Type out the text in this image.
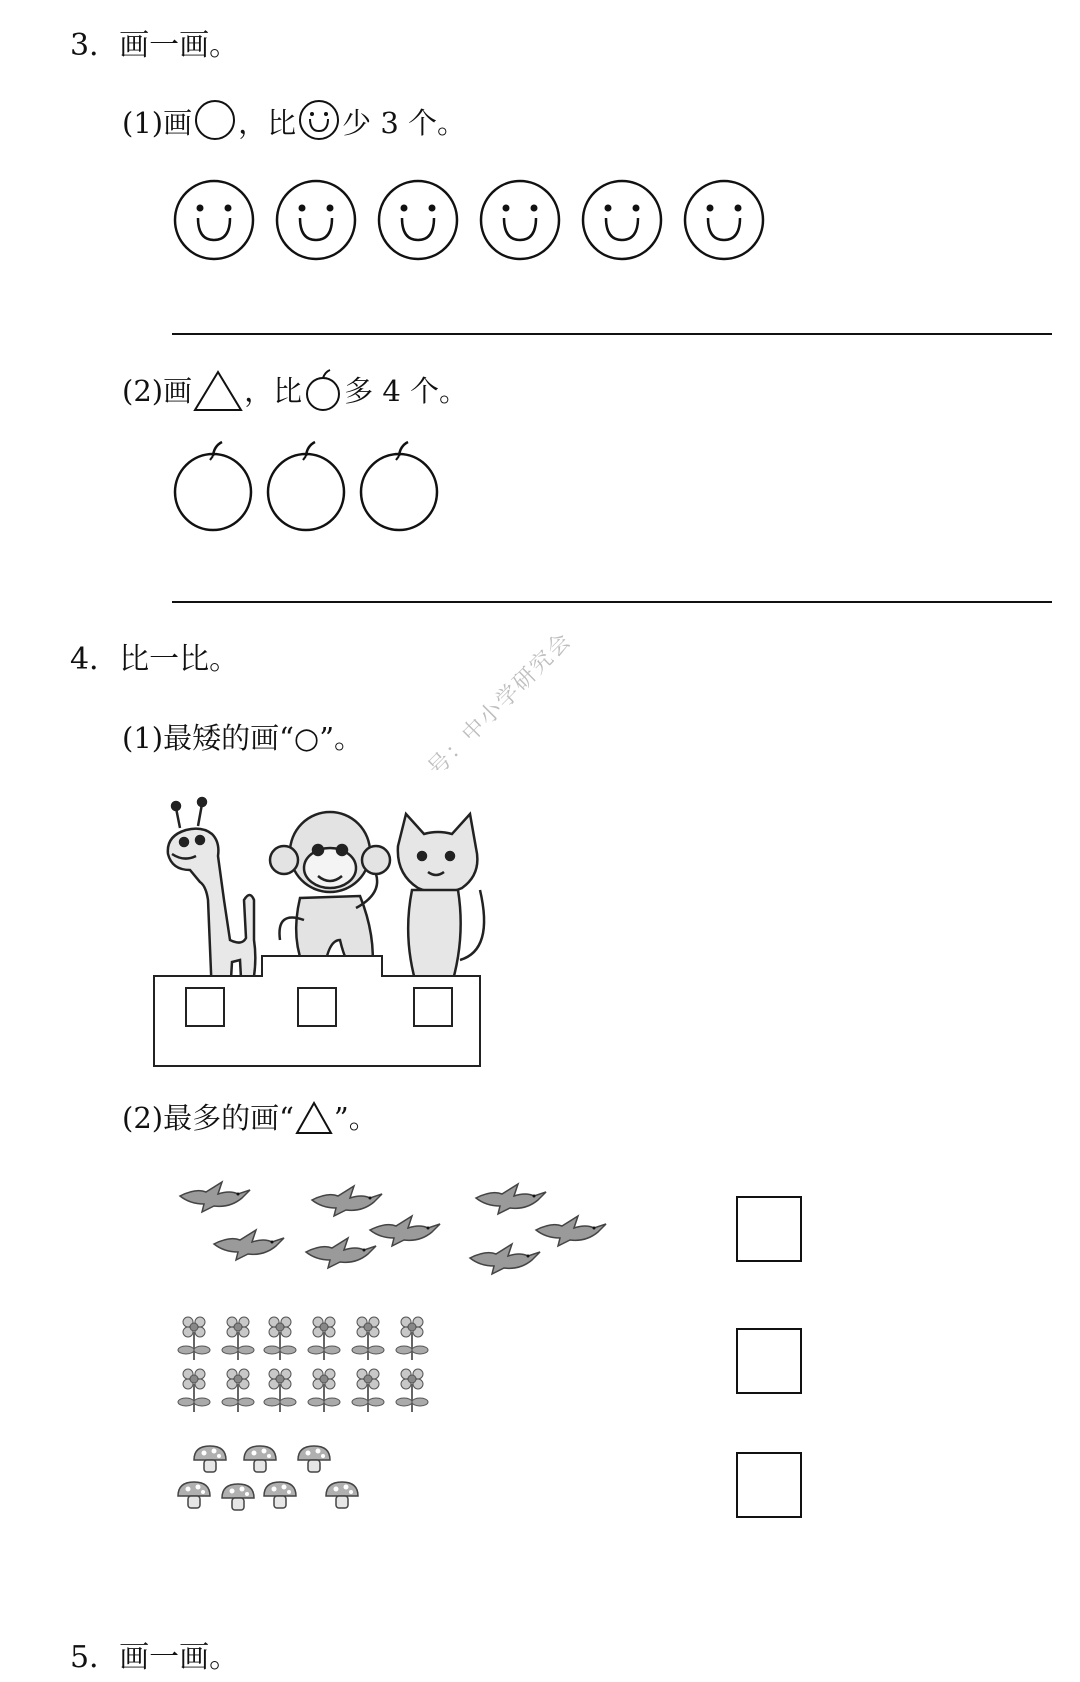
3．画一画。
(1)画 ，比 少 3 个。
(2)画 ，比 多 4 个。
4．比一比。
(1)最矮的画“○”。	号：中小学研究会
(2)最多的画“ ”。
5．画一画。
